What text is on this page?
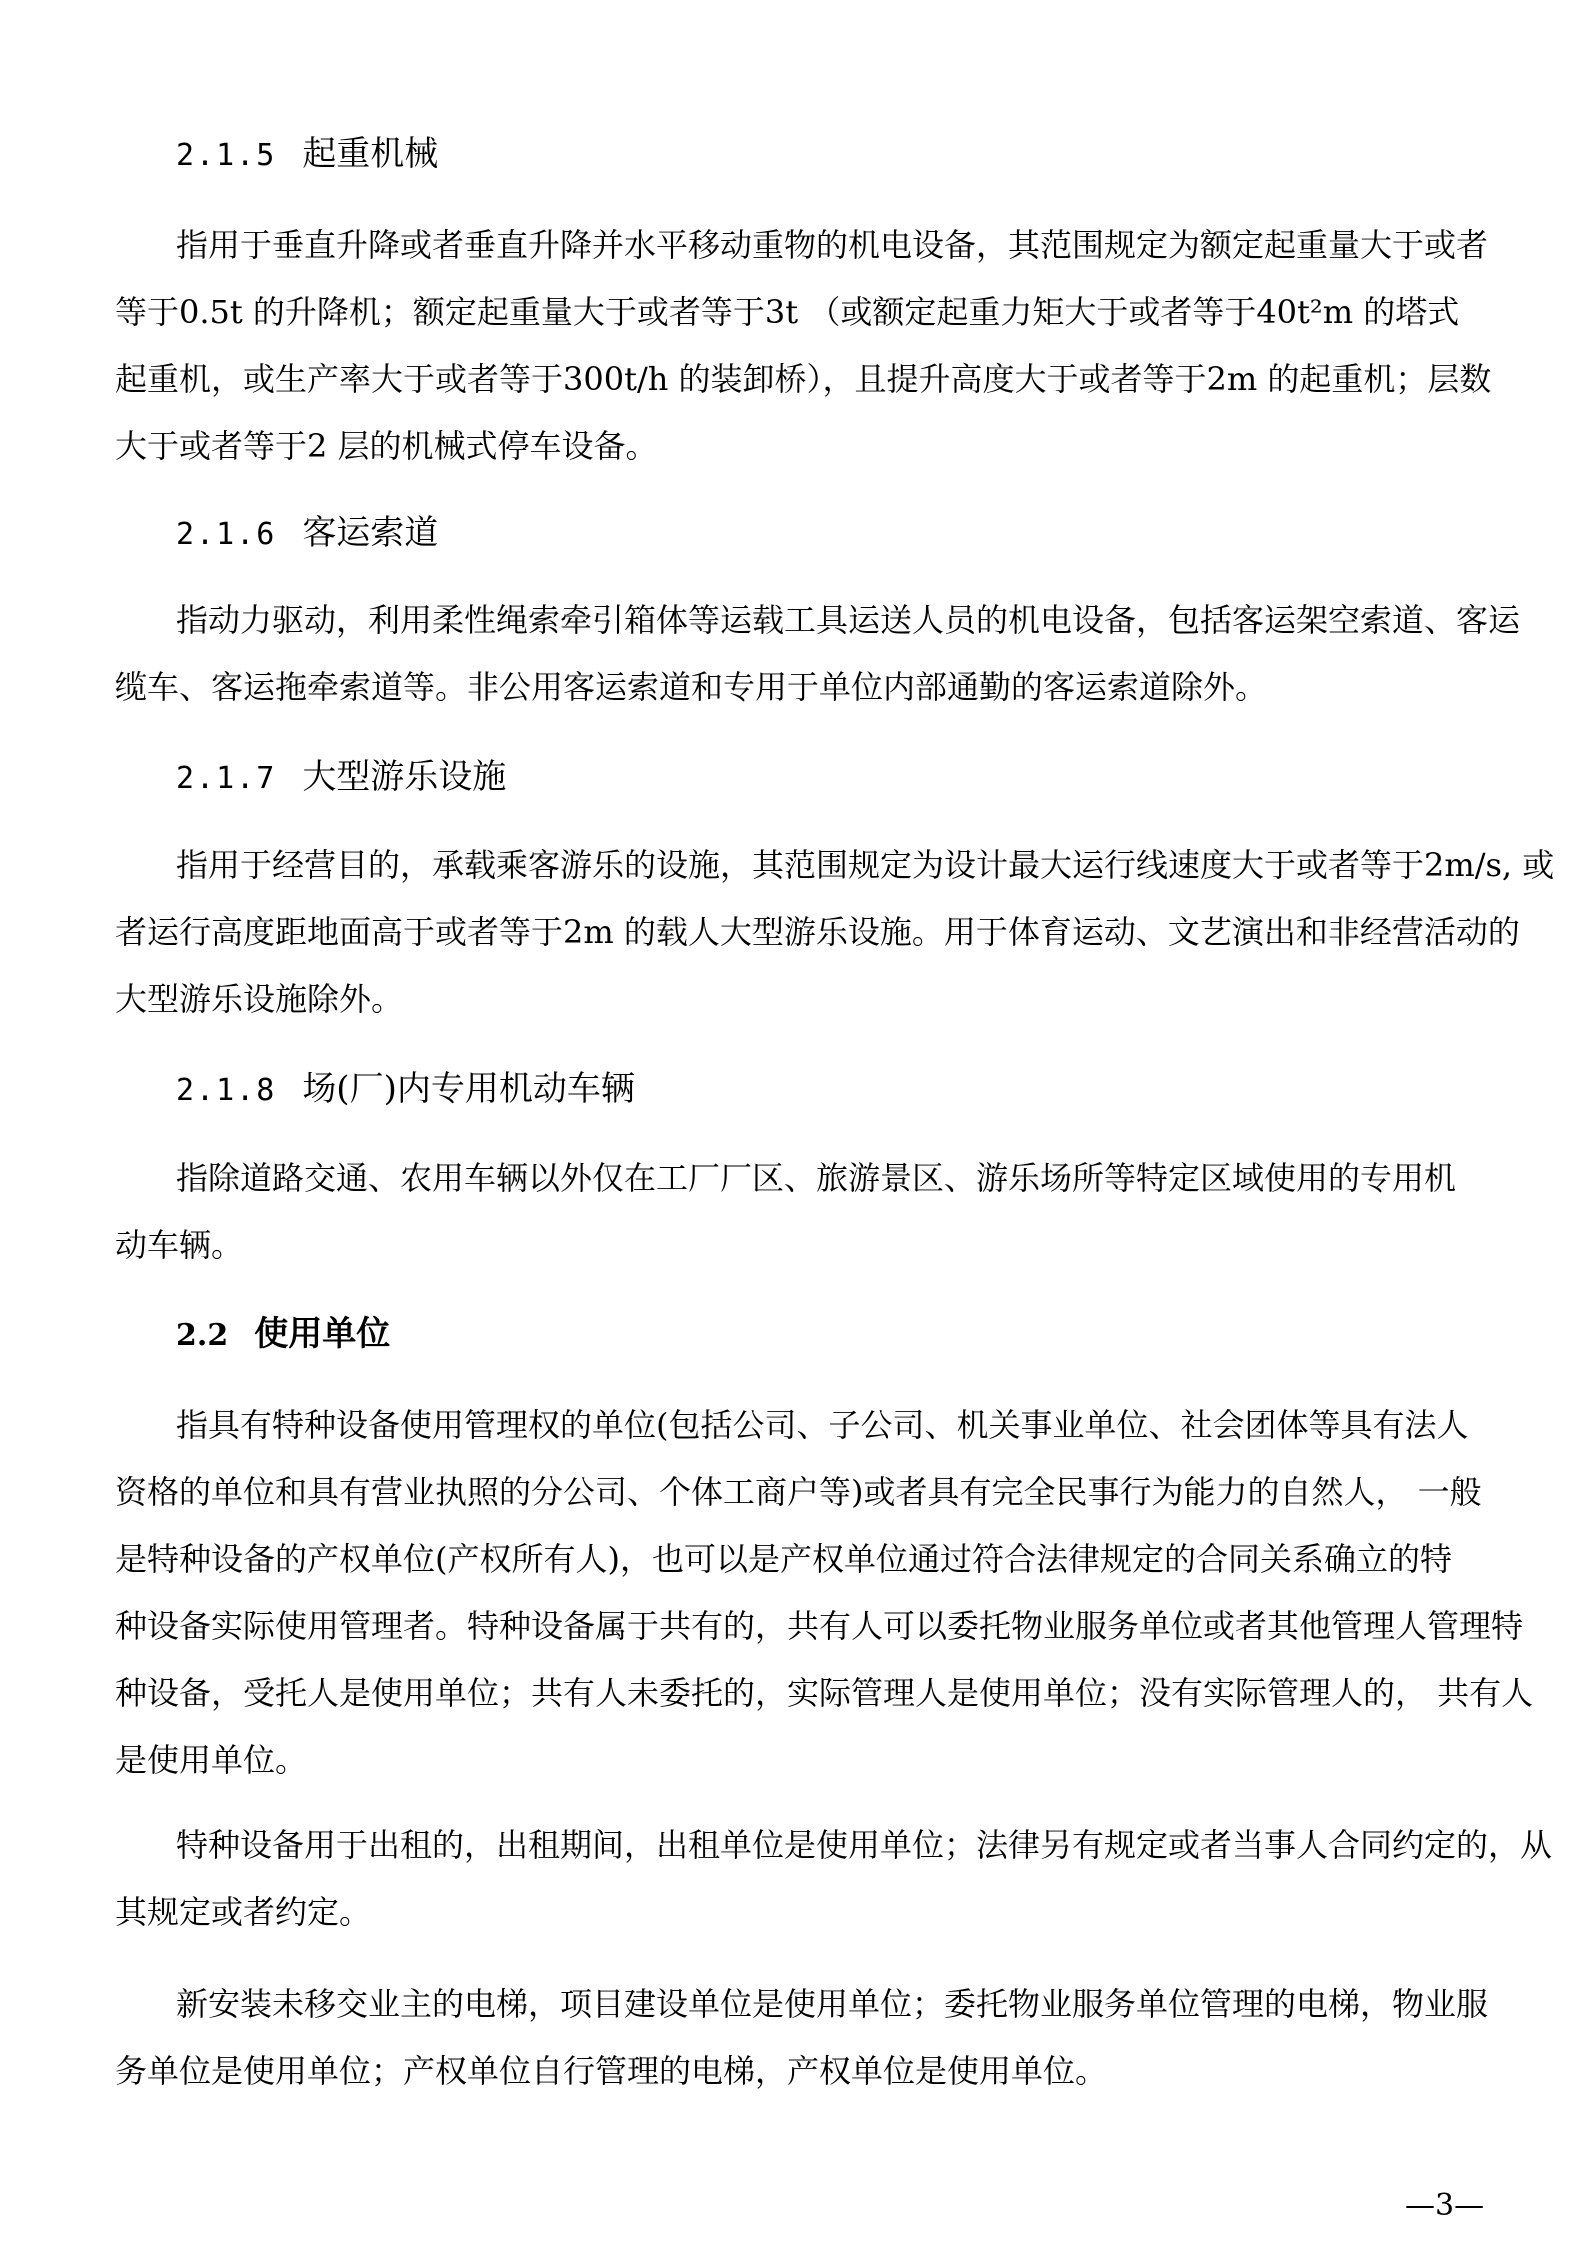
2.1.5 起重机械
指用于垂直升降或者垂直升降并水平移动重物的机电设备，其范围规定为额定起重量大于或者
等于0.5t 的升降机；额定起重量大于或者等于3t （或额定起重力矩大于或者等于40t²m 的塔式
起重机，或生产率大于或者等于300t/h 的装卸桥），且提升高度大于或者等于2m 的起重机；层数
大于或者等于2 层的机械式停车设备。
2.1.6 客运索道
指动力驱动，利用柔性绳索牵引箱体等运载工具运送人员的机电设备，包括客运架空索道、客运
缆车、客运拖牵索道等。非公用客运索道和专用于单位内部通勤的客运索道除外。
2.1.7 大型游乐设施
指用于经营目的，承载乘客游乐的设施，其范围规定为设计最大运行线速度大于或者等于2m/s, 或
者运行高度距地面高于或者等于2m 的载人大型游乐设施。用于体育运动、文艺演出和非经营活动的
大型游乐设施除外。
2.1.8 场(厂)内专用机动车辆
指除道路交通、农用车辆以外仅在工厂厂区、旅游景区、游乐场所等特定区域使用的专用机
动车辆。
2.2 使用单位
指具有特种设备使用管理权的单位(包括公司、子公司、机关事业单位、社会团体等具有法人
资格的单位和具有营业执照的分公司、个体工商户等)或者具有完全民事行为能力的自然人， 一般
是特种设备的产权单位(产权所有人)，也可以是产权单位通过符合法律规定的合同关系确立的特
种设备实际使用管理者。特种设备属于共有的，共有人可以委托物业服务单位或者其他管理人管理特
种设备，受托人是使用单位；共有人未委托的，实际管理人是使用单位；没有实际管理人的， 共有人
是使用单位。
特种设备用于出租的，出租期间，出租单位是使用单位；法律另有规定或者当事人合同约定的，从
其规定或者约定。
新安装未移交业主的电梯，项目建设单位是使用单位；委托物业服务单位管理的电梯，物业服
务单位是使用单位；产权单位自行管理的电梯，产权单位是使用单位。
—3—
